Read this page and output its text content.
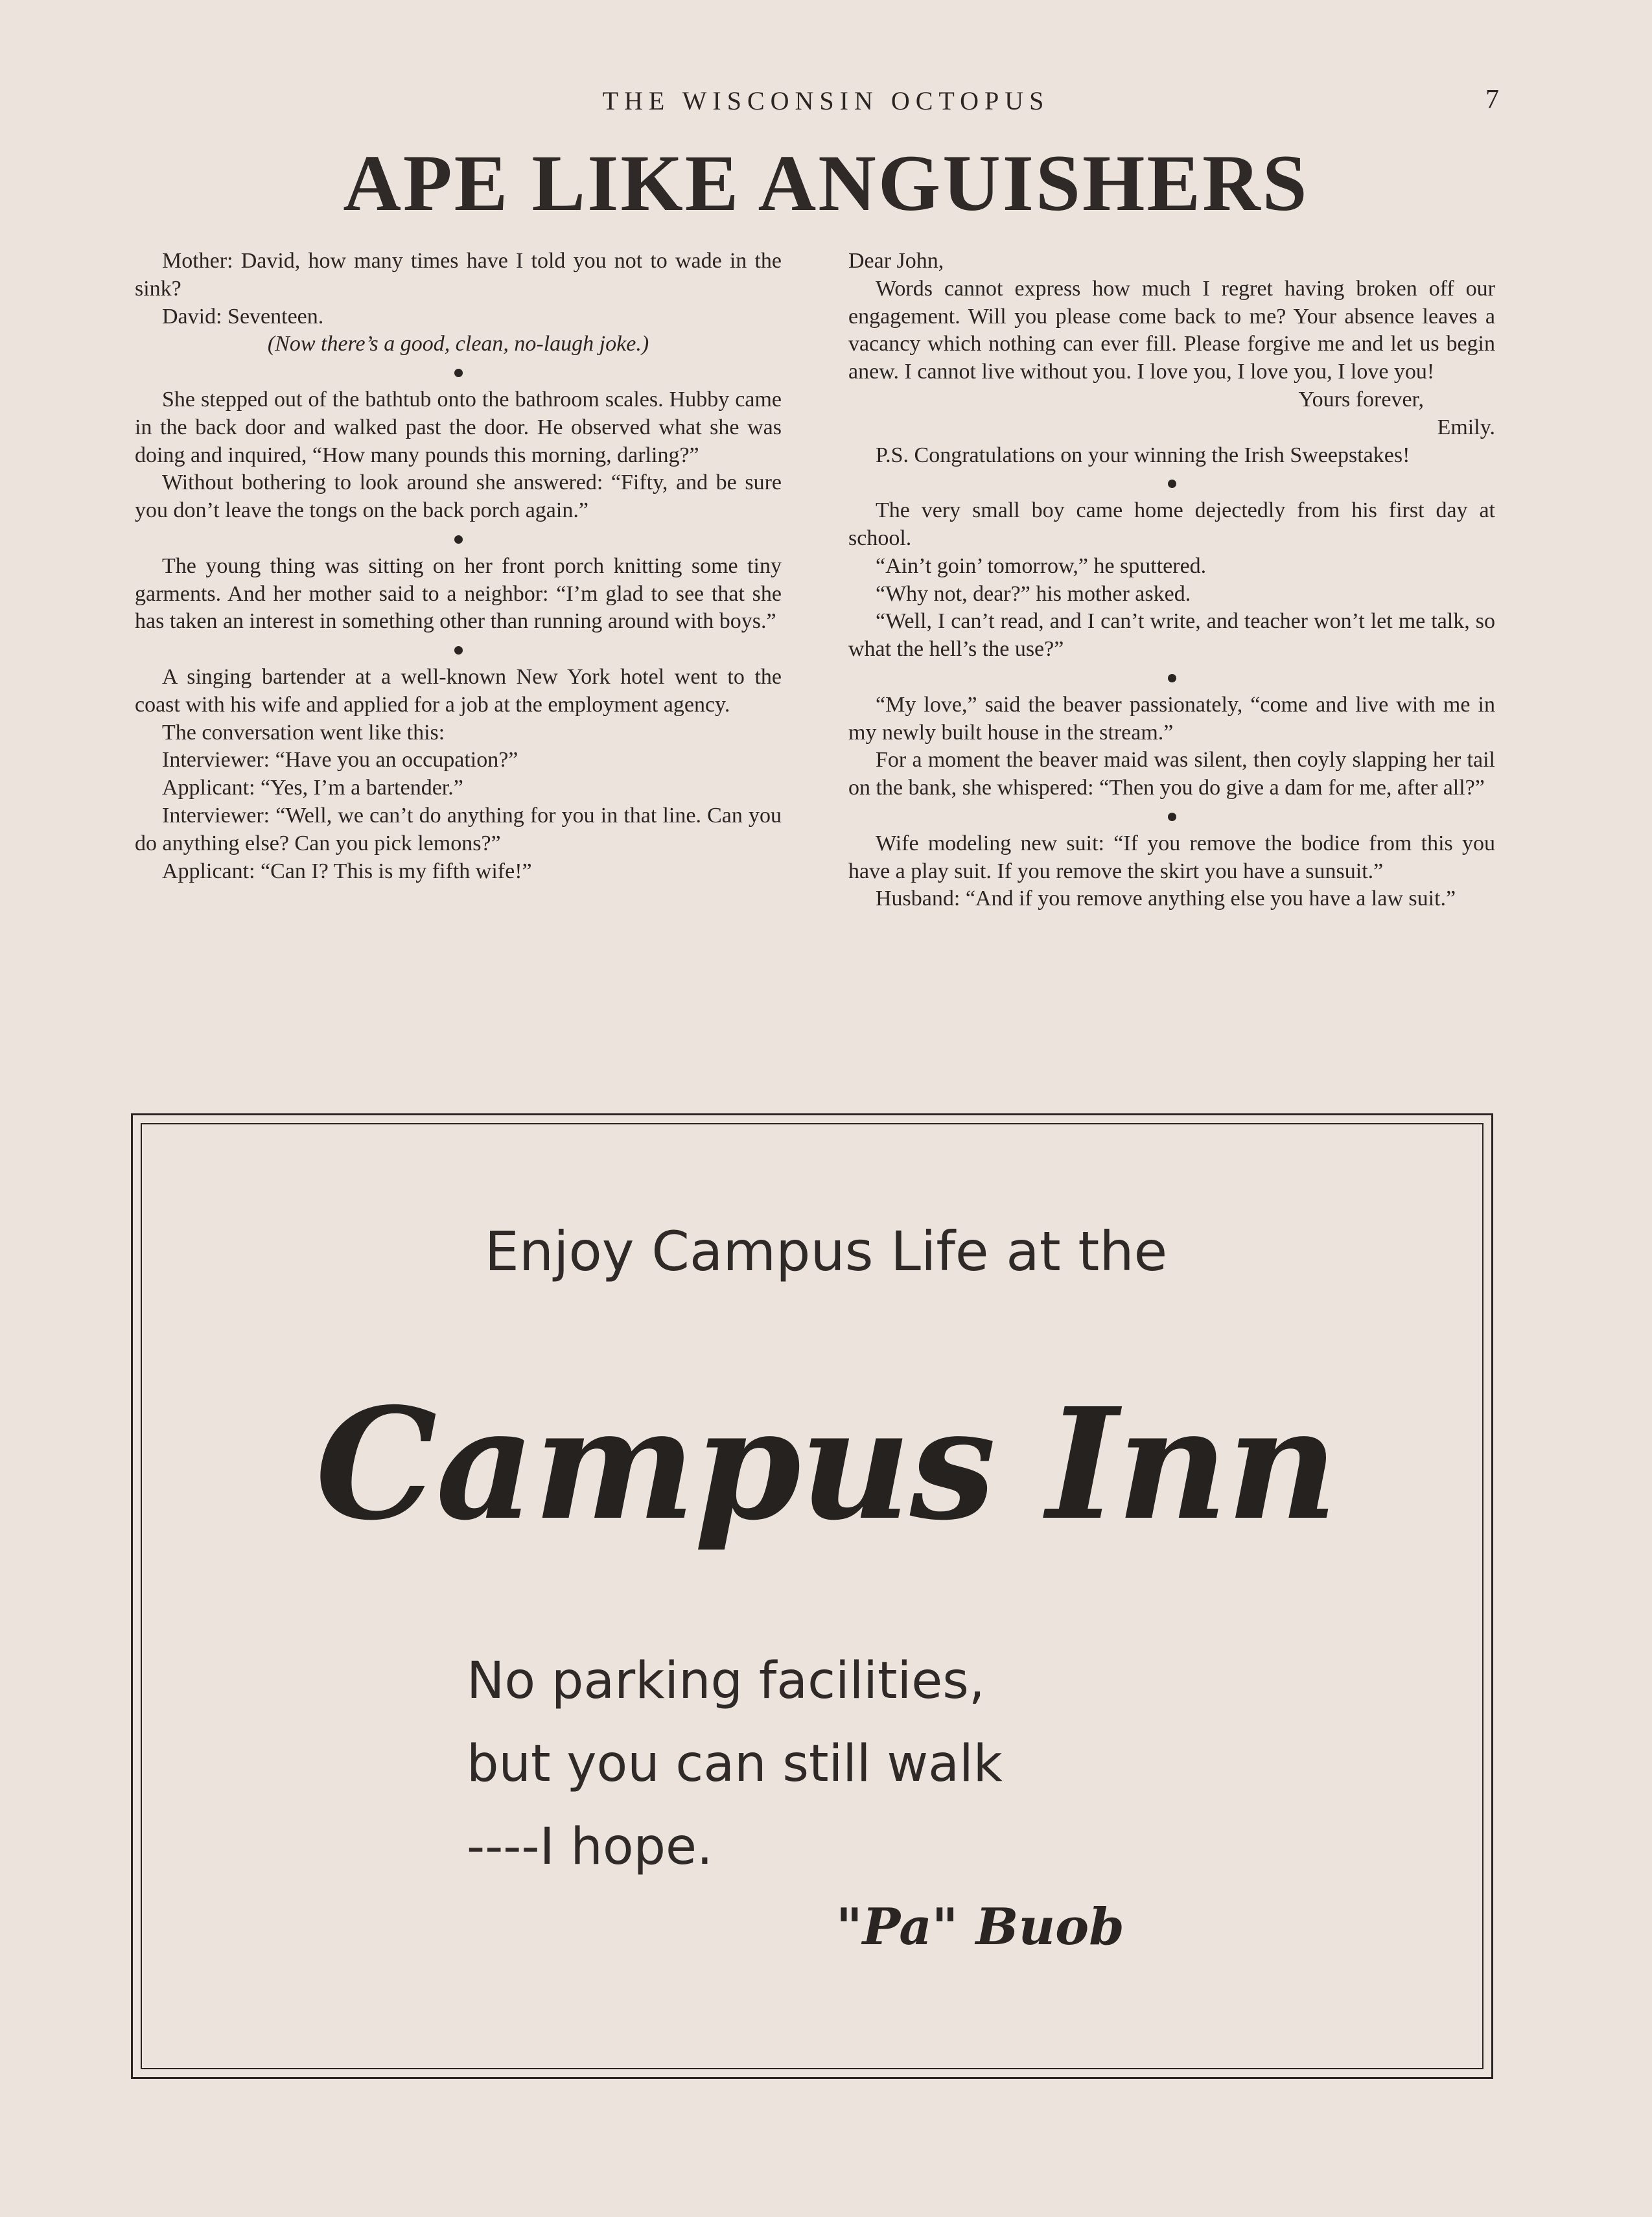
THE WISCONSIN OCTOPUS	7
APE LIKE ANGUISHERS

Mother: David, how many times have I told you not to wade in the sink?

David: Seventeen.

(Now there’s a good, clean, no-laugh joke.)

She stepped out of the bathtub onto the bathroom scales. Hubby came in the back door and walked past the door. He observed what she was doing and inquired, “How many pounds this morning, darling?”

Without bothering to look around she answered: “Fifty, and be sure you don’t leave the tongs on the back porch again.”

The young thing was sitting on her front porch knitting some tiny garments. And her mother said to a neighbor: “I’m glad to see that she has taken an interest in something other than running around with boys.”

A singing bartender at a well-known New York hotel went to the coast with his wife and applied for a job at the employment agency.

The conversation went like this:

Interviewer: “Have you an occupation?”

Applicant: “Yes, I’m a bartender.”

Interviewer: “Well, we can’t do anything for you in that line. Can you do anything else? Can you pick lemons?”

Applicant: “Can I? This is my fifth wife!”

Dear John,

Words cannot express how much I regret having broken off our engagement. Will you please come back to me? Your absence leaves a vacancy which nothing can ever fill. Please forgive me and let us begin anew. I cannot live without you. I love you, I love you, I love you!

Yours forever,

Emily.

P.S. Congratulations on your winning the Irish Sweepstakes!

The very small boy came home dejectedly from his first day at school.

“Ain’t goin’ tomorrow,” he sputtered.

“Why not, dear?” his mother asked.

“Well, I can’t read, and I can’t write, and teacher won’t let me talk, so what the hell’s the use?”

“My love,” said the beaver passionately, “come and live with me in my newly built house in the stream.”

For a moment the beaver maid was silent, then coyly slapping her tail on the bank, she whispered: “Then you do give a dam for me, after all?”

Wife modeling new suit: “If you remove the bodice from this you have a play suit. If you remove the skirt you have a sunsuit.”

Husband: “And if you remove anything else you have a law suit.”

Enjoy Campus Life at the
Campus Inn
No parking facilities,
but you can still walk
----I hope.
"Pa" Buob
